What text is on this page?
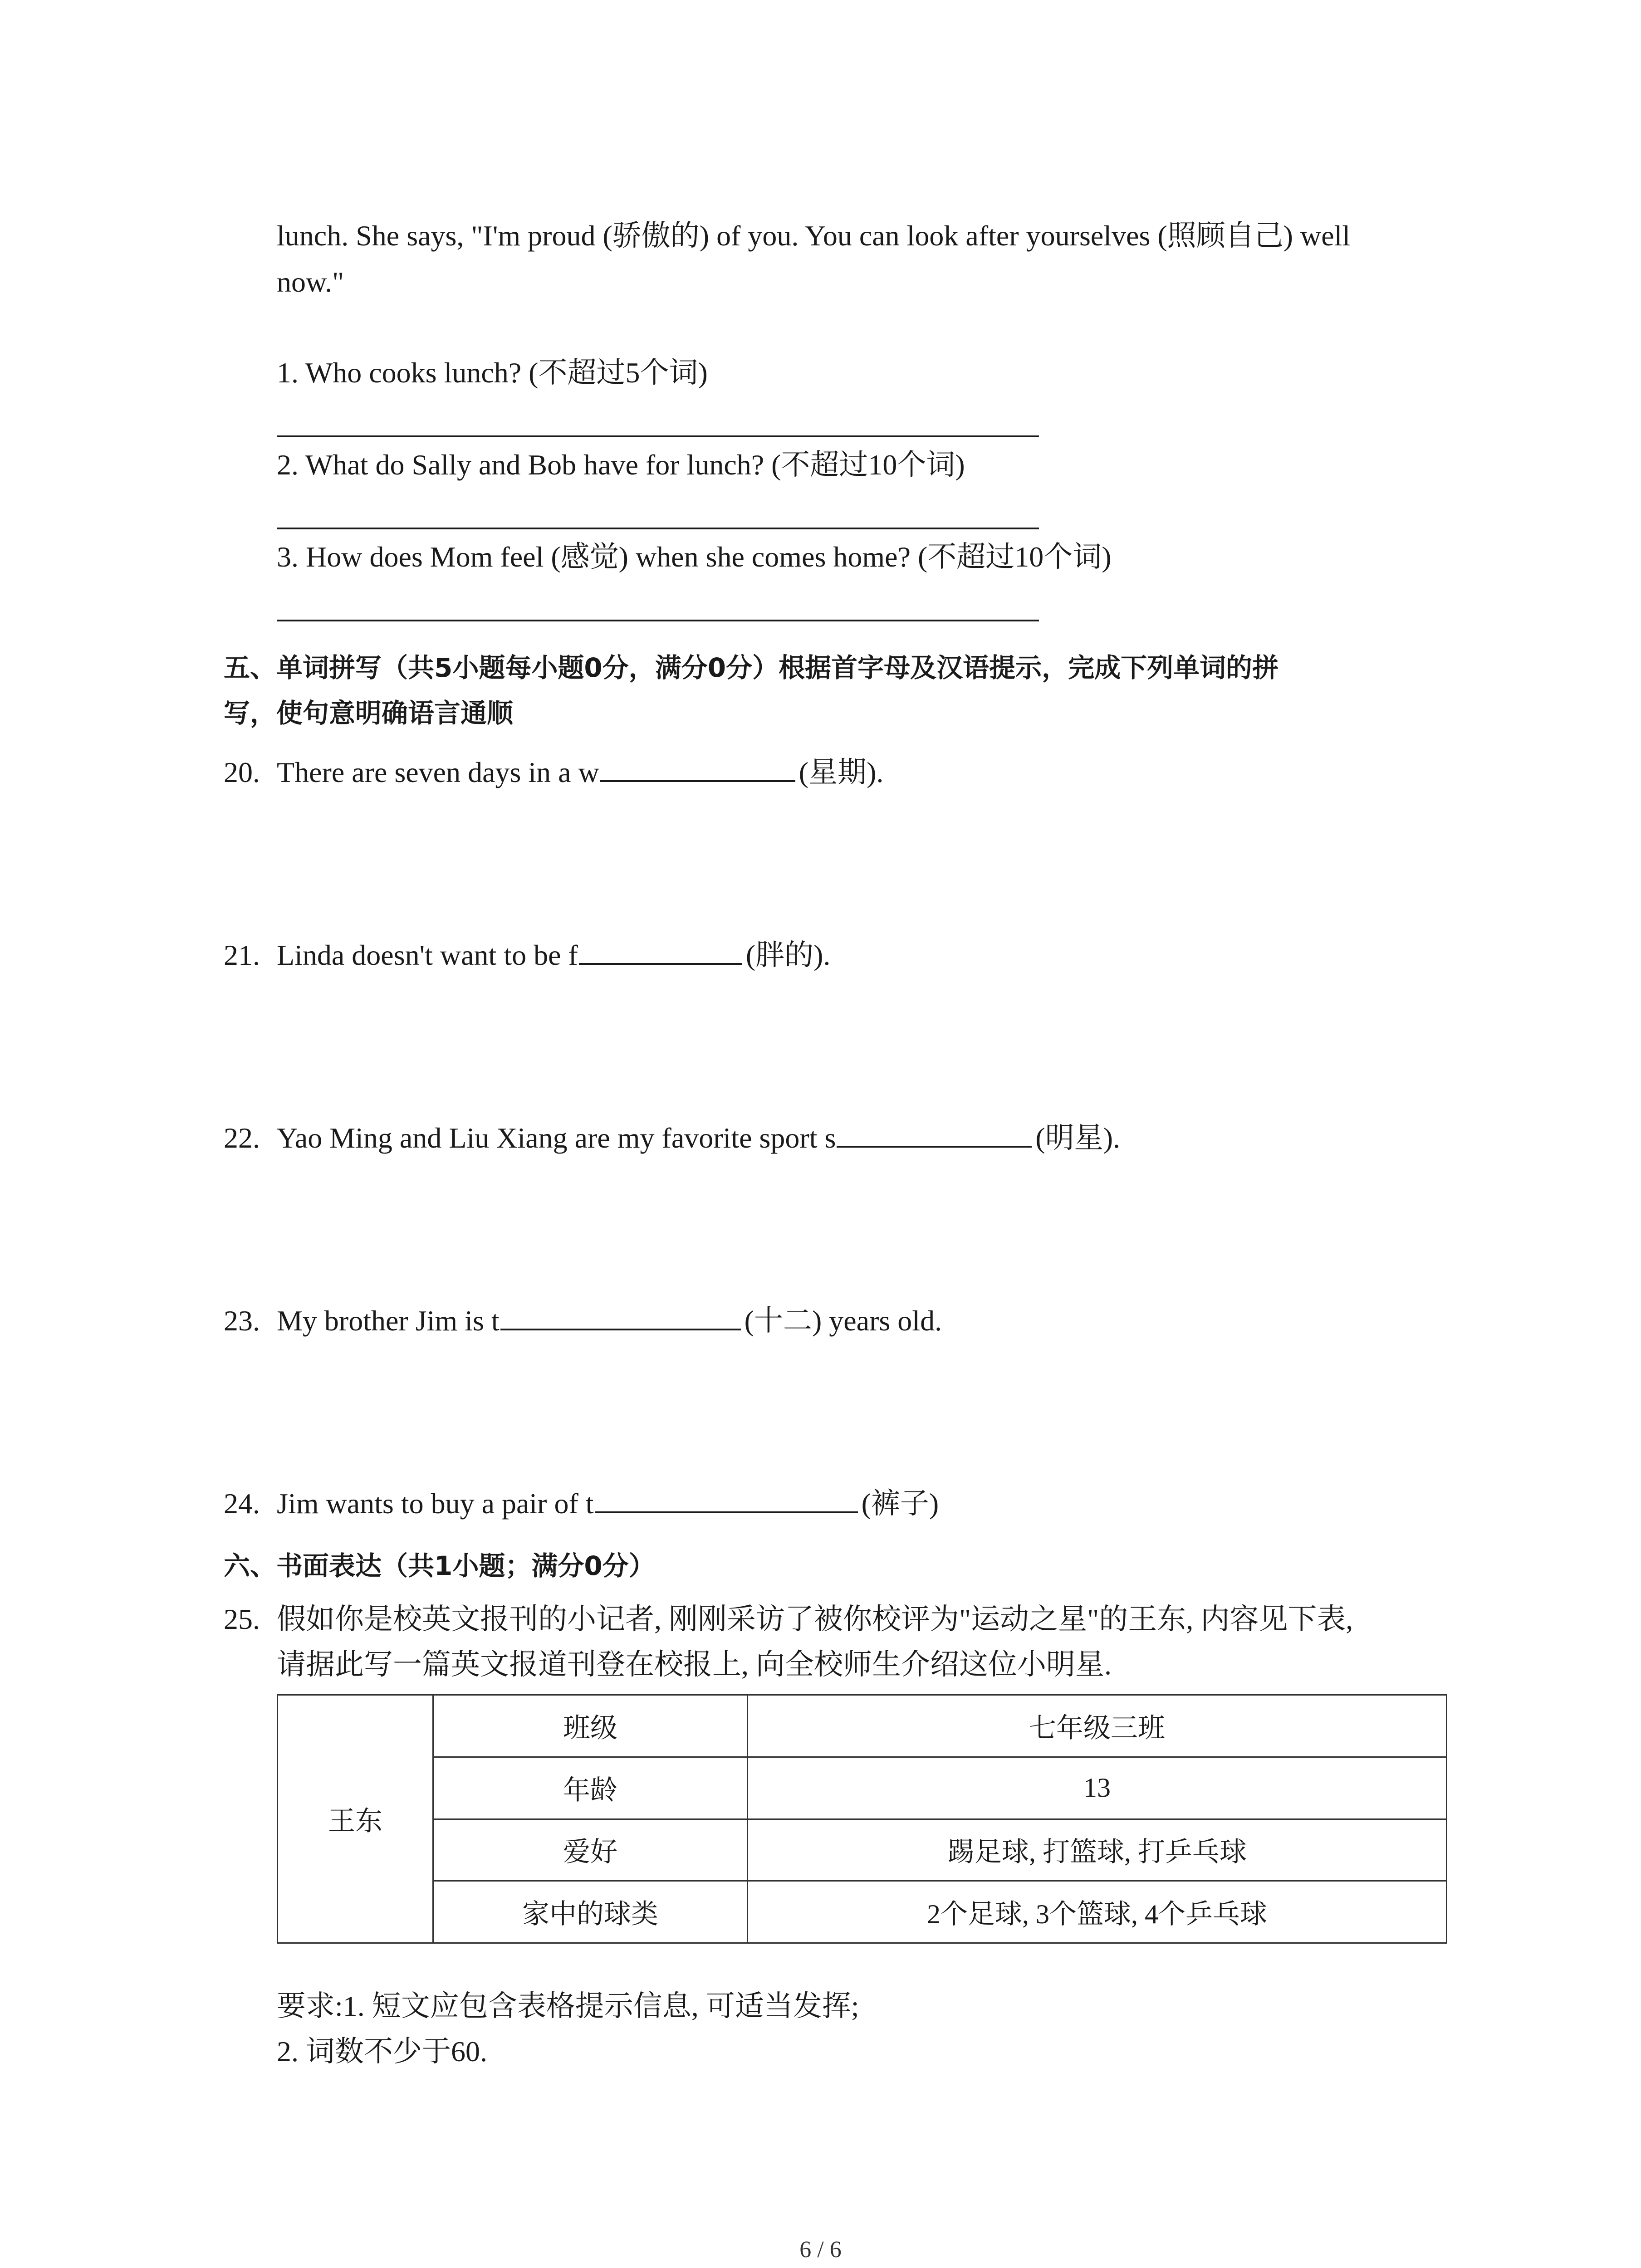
lunch. She says, "I'm proud (骄傲的) of you. You can look after yourselves (照顾自己) well
now."
1. Who cooks lunch? (不超过5个词)
2. What do Sally and Bob have for lunch? (不超过10个词)
3. How does Mom feel (感觉) when she comes home? (不超过10个词)
五、单词拼写（共5小题每小题0分，满分0分）根据首字母及汉语提示，完成下列单词的拼
写，使句意明确语言通顺
20. There are seven days in a w	(星期).
21. Linda doesn't want to be f	(胖的).
22. Yao Ming and Liu Xiang are my favorite sport s	(明星).
23. My brother Jim is t	(十二) years old.
24. Jim wants to buy a pair of t	(裤子)
六、书面表达（共1小题；满分0分）
25. 假如你是校英文报刊的小记者, 刚刚采访了被你校评为"运动之星"的王东, 内容见下表,
请据此写一篇英文报道刊登在校报上, 向全校师生介绍这位小明星.
王东	班级	七年级三班
	年龄	13
	爱好	踢足球, 打篮球, 打乒乓球
	家中的球类	2个足球, 3个篮球, 4个乒乓球
要求:1. 短文应包含表格提示信息, 可适当发挥;
2. 词数不少于60.
6 / 6
